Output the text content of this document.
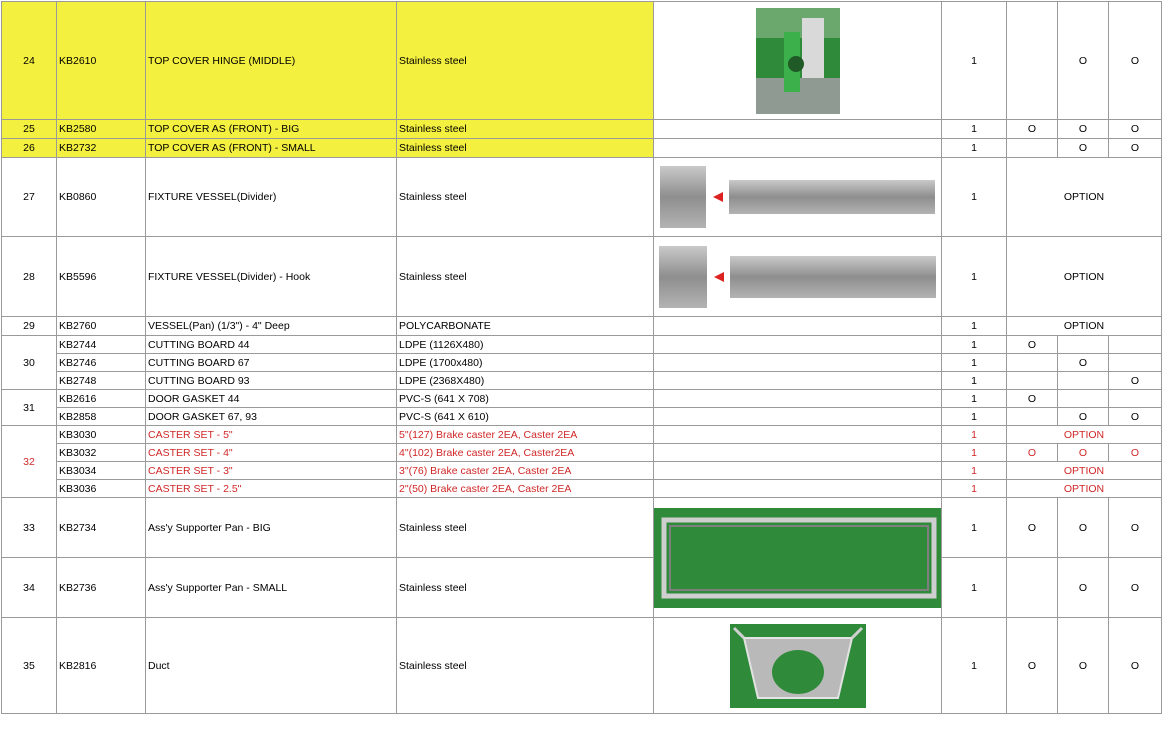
24	KB2610	TOP COVER HINGE (MIDDLE)	Stainless steel		1		O	O
25	KB2580	TOP COVER AS (FRONT) - BIG	Stainless steel		1	O	O	O
26	KB2732	TOP COVER AS (FRONT) - SMALL	Stainless steel		1		O	O
27	KB0860	FIXTURE VESSEL(Divider)	Stainless steel		1	OPTION		
28	KB5596	FIXTURE VESSEL(Divider) - Hook	Stainless steel		1	OPTION		
29	KB2760	VESSEL(Pan) (1/3") - 4" Deep	POLYCARBONATE		1	OPTION		
30	KB2744	CUTTING BOARD 44	LDPE (1126X480)		1	O		
	KB2746	CUTTING BOARD 67	LDPE (1700x480)		1		O	
	KB2748	CUTTING BOARD 93	LDPE (2368X480)		1			O
31	KB2616	DOOR GASKET 44	PVC-S (641 X 708)		1	O		
	KB2858	DOOR GASKET 67, 93	PVC-S (641 X 610)		1		O	O
32	KB3030	CASTER SET - 5"	5"(127) Brake caster 2EA, Caster 2EA		1	OPTION		
	KB3032	CASTER SET - 4"	4"(102) Brake caster 2EA, Caster2EA		1	O	O	O
	KB3034	CASTER SET - 3"	3"(76) Brake caster 2EA, Caster 2EA		1	OPTION		
	KB3036	CASTER SET - 2.5"	2"(50) Brake caster 2EA, Caster 2EA		1	OPTION		
33	KB2734	Ass'y Supporter Pan - BIG	Stainless steel		1	O	O	O
34	KB2736	Ass'y Supporter Pan - SMALL	Stainless steel		1		O	O
35	KB2816	Duct	Stainless steel		1	O	O	O
